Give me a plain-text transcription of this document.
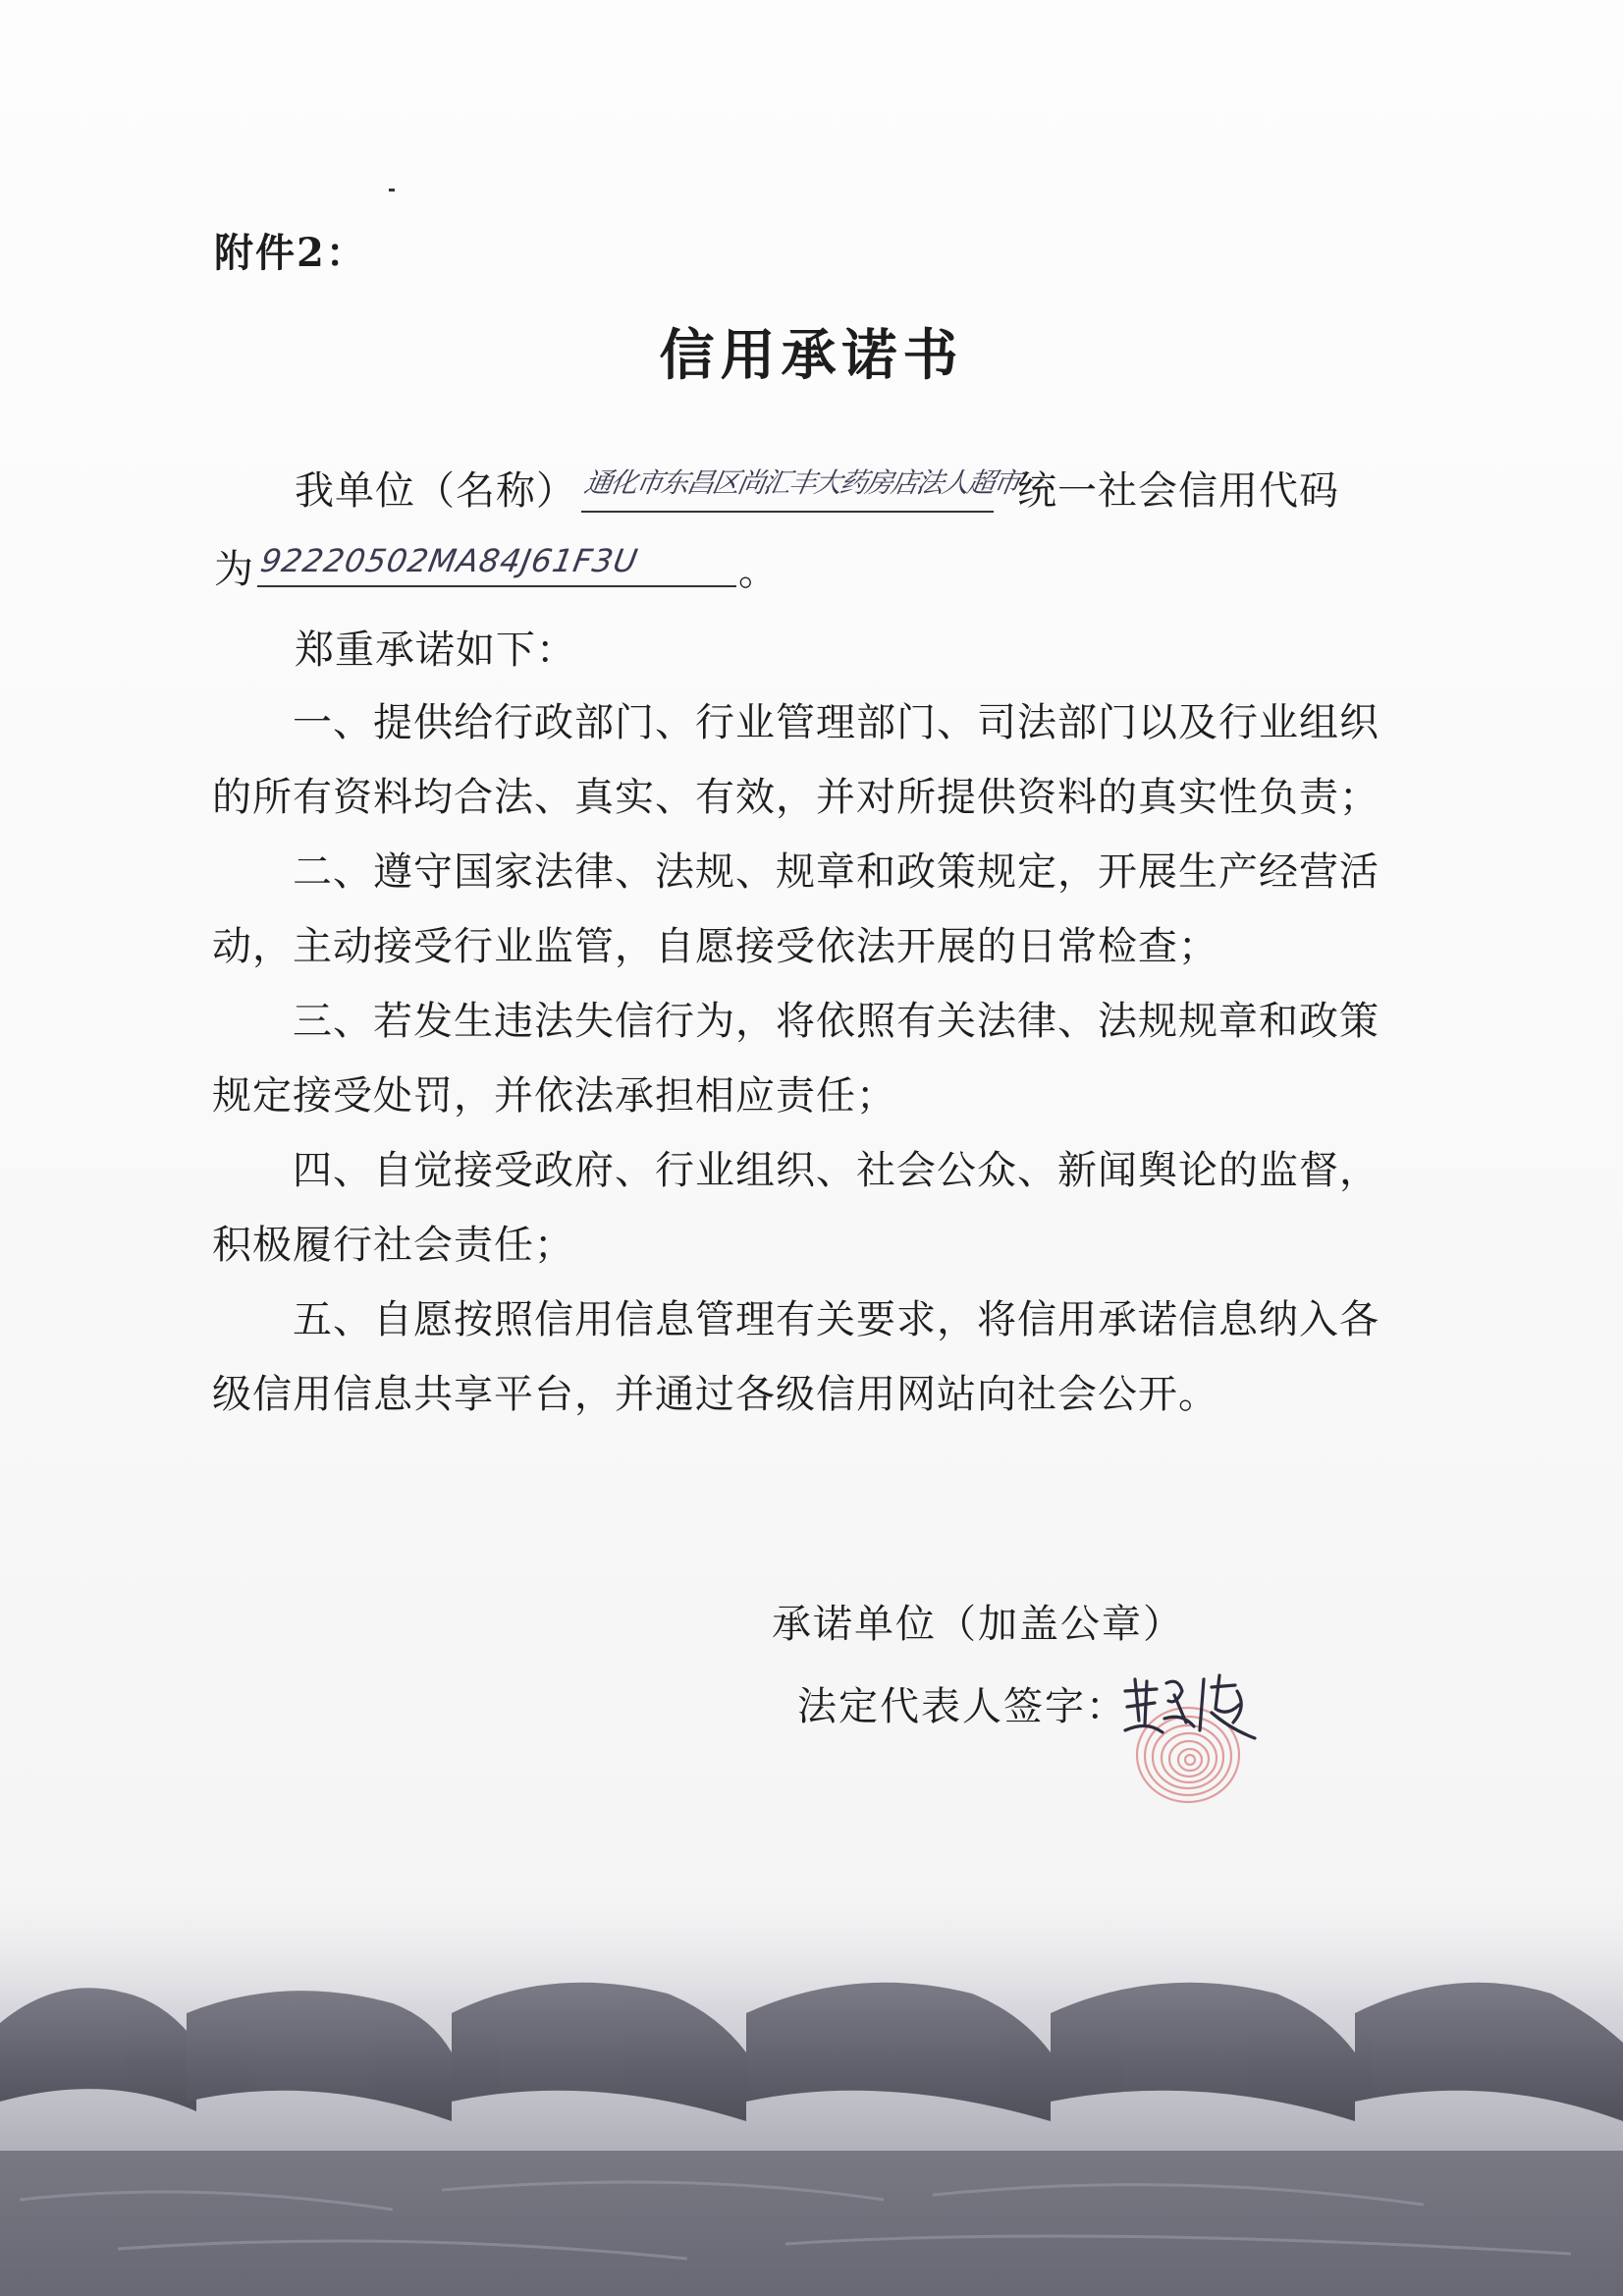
附件2：
信用承诺书
我单位（名称） 通化市东昌区尚汇丰大药房店法人超市
统一社会信用代码
为 92220502MA84J61F3U 。
郑重承诺如下：
一、提供给行政部门、行业管理部门、司法部门以及行业组织
的所有资料均合法、真实、有效，并对所提供资料的真实性负责；
二、遵守国家法律、法规、规章和政策规定，开展生产经营活
动，主动接受行业监管，自愿接受依法开展的日常检查；
三、若发生违法失信行为，将依照有关法律、法规规章和政策
规定接受处罚，并依法承担相应责任；
四、自觉接受政府、行业组织、社会公众、新闻舆论的监督，
积极履行社会责任；
五、自愿按照信用信息管理有关要求，将信用承诺信息纳入各
级信用信息共享平台，并通过各级信用网站向社会公开。
承诺单位（加盖公章）
法定代表人签字：
